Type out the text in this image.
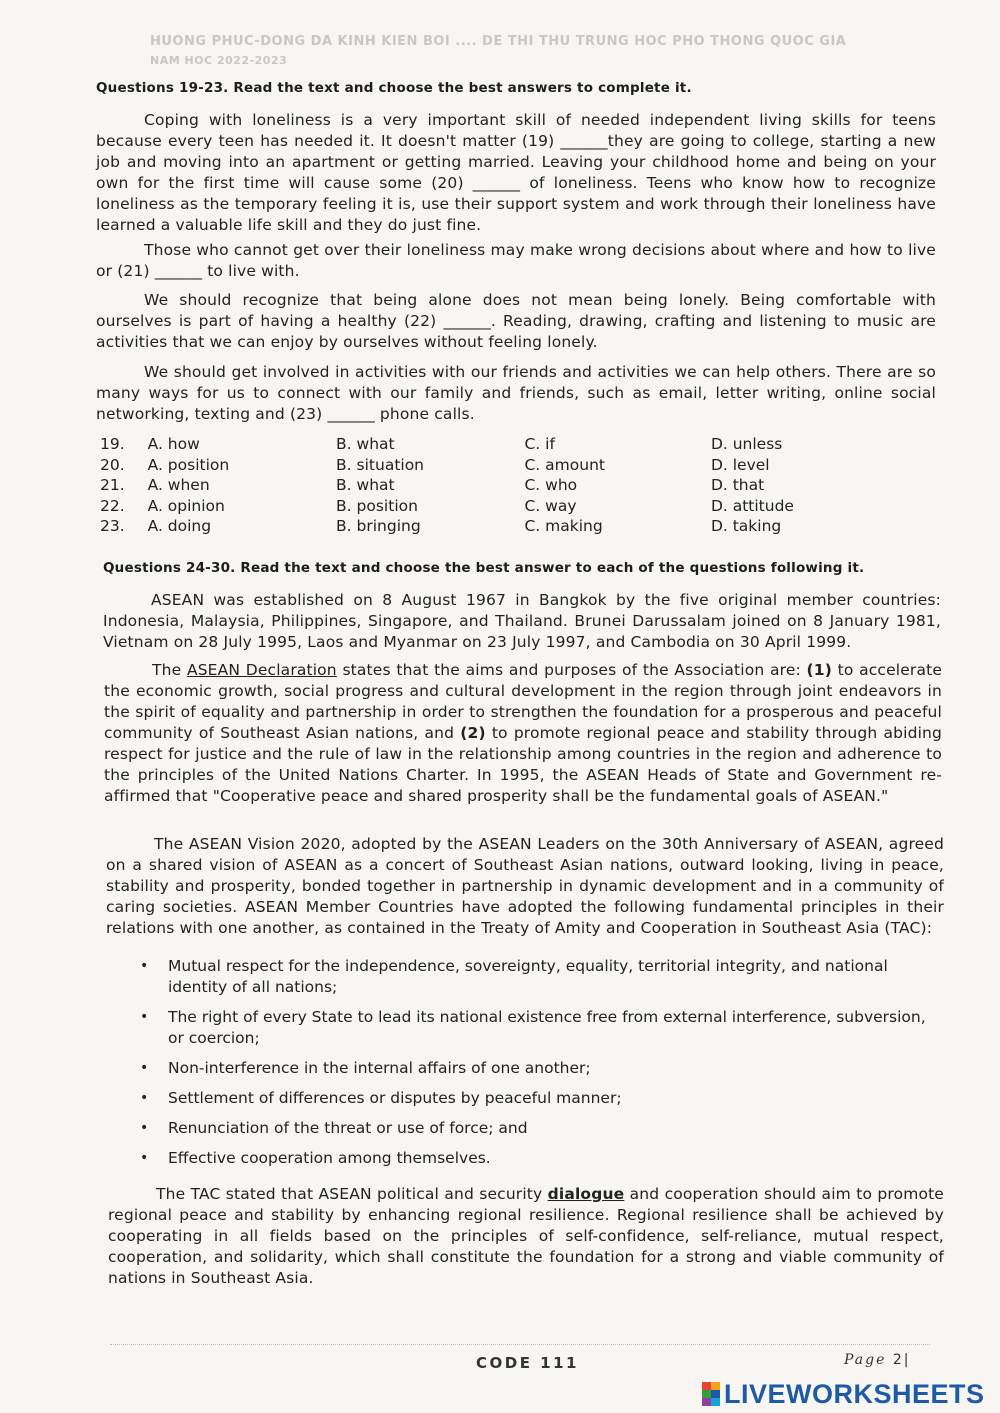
HUONG PHUC-DONG DA KINH KIEN BOI .... DE THI THU TRUNG HOC PHO THONG QUOC GIA
NAM HOC 2022-2023
Questions 19-23. Read the text and choose the best answers to complete it.

Coping with loneliness is a very important skill of needed independent living skills for teens because every teen has needed it. It doesn't matter (19) ______they are going to college, starting a new job and moving into an apartment or getting married. Leaving your childhood home and being on your own for the first time will cause some (20) ______ of loneliness. Teens who know how to recognize loneliness as the temporary feeling it is, use their support system and work through their loneliness have learned a valuable life skill and they do just fine.

Those who cannot get over their loneliness may make wrong decisions about where and how to live or (21) ______ to live with.

We should recognize that being alone does not mean being lonely. Being comfortable with ourselves is part of having a healthy (22) ______. Reading, drawing, crafting and listening to music are activities that we can enjoy by ourselves without feeling lonely.

We should get involved in activities with our friends and activities we can help others. There are so many ways for us to connect with our family and friends, such as email, letter writing, online social networking, texting and (23) ______ phone calls.

19.	A. how	B. what	C. if	D. unless
20.	A. position	B. situation	C. amount	D. level
21.	A. when	B. what	C. who	D. that
22.	A. opinion	B. position	C. way	D. attitude
23.	A. doing	B. bringing	C. making	D. taking
Questions 24-30. Read the text and choose the best answer to each of the questions following it.

ASEAN was established on 8 August 1967 in Bangkok by the five original member countries: Indonesia, Malaysia, Philippines, Singapore, and Thailand. Brunei Darussalam joined on 8 January 1981, Vietnam on 28 July 1995, Laos and Myanmar on 23 July 1997, and Cambodia on 30 April 1999.

The ASEAN Declaration states that the aims and purposes of the Association are: (1) to accelerate the economic growth, social progress and cultural development in the region through joint endeavors in the spirit of equality and partnership in order to strengthen the foundation for a prosperous and peaceful community of Southeast Asian nations, and (2) to promote regional peace and stability through abiding respect for justice and the rule of law in the relationship among countries in the region and adherence to the principles of the United Nations Charter. In 1995, the ASEAN Heads of State and Government re-affirmed that "Cooperative peace and shared prosperity shall be the fundamental goals of ASEAN."

The ASEAN Vision 2020, adopted by the ASEAN Leaders on the 30th Anniversary of ASEAN, agreed on a shared vision of ASEAN as a concert of Southeast Asian nations, outward looking, living in peace, stability and prosperity, bonded together in partnership in dynamic development and in a community of caring societies. ASEAN Member Countries have adopted the following fundamental principles in their relations with one another, as contained in the Treaty of Amity and Cooperation in Southeast Asia (TAC):

• Mutual respect for the independence, sovereignty, equality, territorial integrity, and national identity of all nations;
• The right of every State to lead its national existence free from external interference, subversion, or coercion;
• Non-interference in the internal affairs of one another;
• Settlement of differences or disputes by peaceful manner;
• Renunciation of the threat or use of force; and
• Effective cooperation among themselves.

The TAC stated that ASEAN political and security dialogue and cooperation should aim to promote regional peace and stability by enhancing regional resilience. Regional resilience shall be achieved by cooperating in all fields based on the principles of self-confidence, self-reliance, mutual respect, cooperation, and solidarity, which shall constitute the foundation for a strong and viable community of nations in Southeast Asia.

CODE 111	Page 2|
LIVEWORKSHEETS
